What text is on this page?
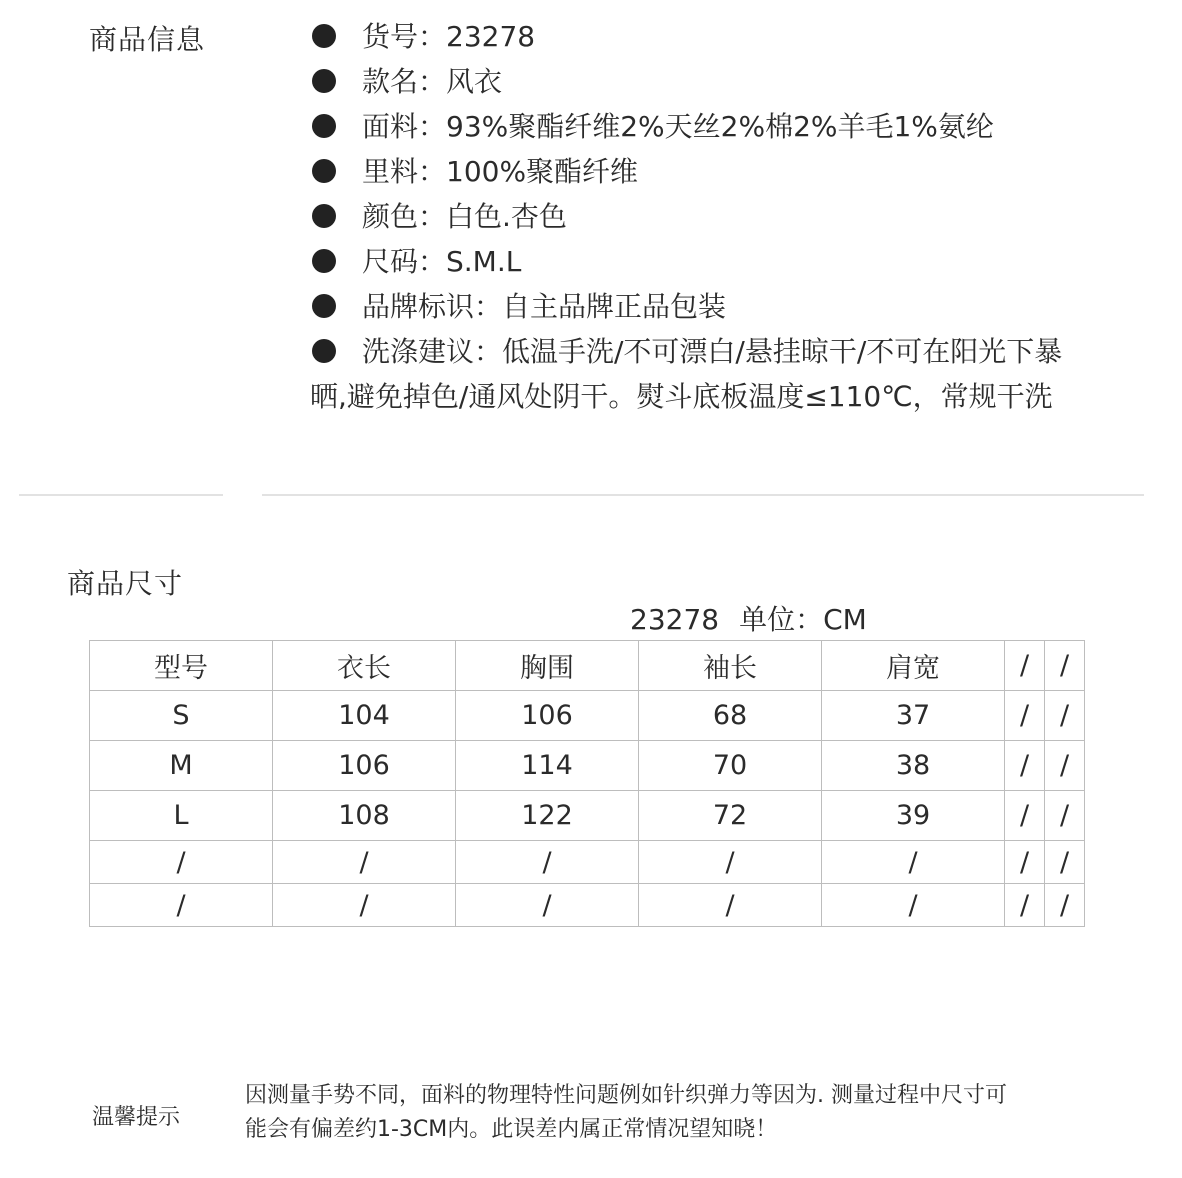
商品信息	货号：23278
款名：风衣
面料：93%聚酯纤维2%天丝2%棉2%羊毛1%氨纶
里料：100%聚酯纤维
颜色：白色.杏色
尺码：S.M.L
品牌标识：自主品牌正品包装
洗涤建议：低温手洗/不可漂白/悬挂晾干/不可在阳光下暴
晒,避免掉色/通风处阴干。熨斗底板温度≤110℃，常规干洗
商品尺寸
23278 单位：CM
型号	衣长	胸围	袖长	肩宽	/	/
S	104	106	68	37	/	/
M	106	114	70	38	/	/
L	108	122	72	39	/	/
/	/	/	/	/	/	/
/	/	/	/	/	/	/
温馨提示
因测量手势不同，面料的物理特性问题例如针织弹力等因为. 测量过程中尺寸可
能会有偏差约1-3CM内。此误差内属正常情况望知晓！
